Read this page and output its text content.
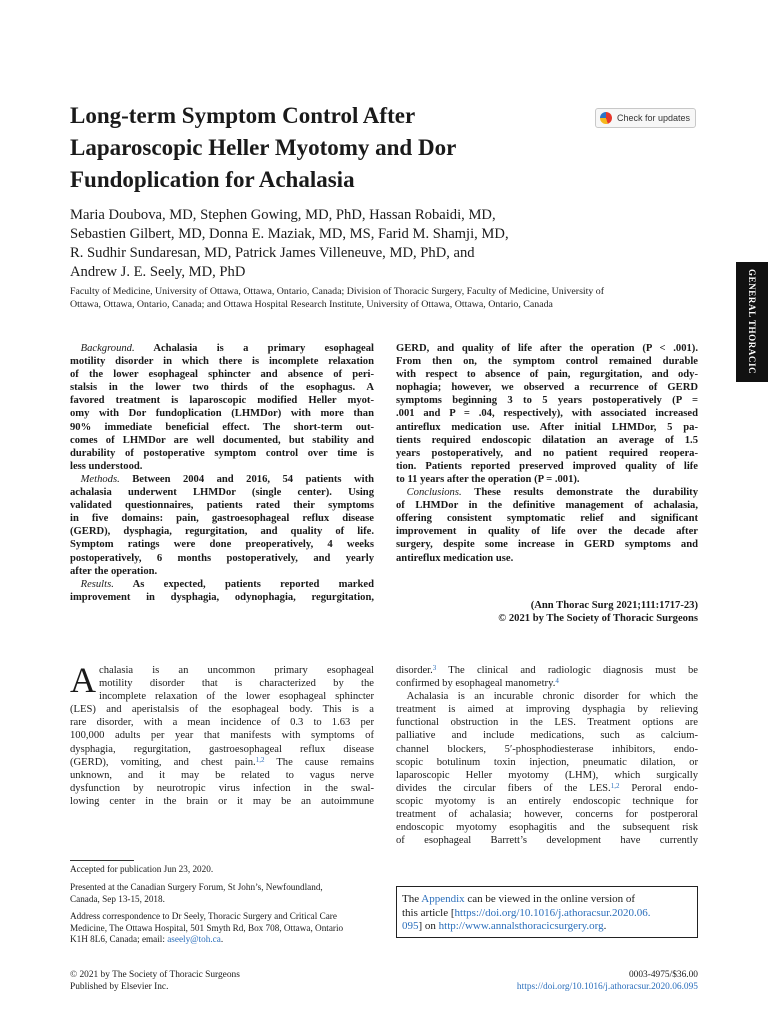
Long-term Symptom Control After
Laparoscopic Heller Myotomy and Dor
Fundoplication for Achalasia
Check for updates
Maria Doubova, MD, Stephen Gowing, MD, PhD, Hassan Robaidi, MD,
Sebastien Gilbert, MD, Donna E. Maziak, MD, MS, Farid M. Shamji, MD,
R. Sudhir Sundaresan, MD, Patrick James Villeneuve, MD, PhD, and
Andrew J. E. Seely, MD, PhD
Faculty of Medicine, University of Ottawa, Ottawa, Ontario, Canada; Division of Thoracic Surgery, Faculty of Medicine, University of
Ottawa, Ottawa, Ontario, Canada; and Ottawa Hospital Research Institute, University of Ottawa, Ottawa, Ontario, Canada	GENERAL THORACIC
 Background. Achalasia is a primary esophageal
motility disorder in which there is incomplete relaxation
of the lower esophageal sphincter and absence of peri-
stalsis in the lower two thirds of the esophagus. A
favored treatment is laparoscopic modified Heller myot-
omy with Dor fundoplication (LHMDor) with more than
90% immediate beneficial effect. The short-term out-
comes of LHMDor are well documented, but stability and
durability of postoperative symptom control over time is
less understood.
 Methods. Between 2004 and 2016, 54 patients with
achalasia underwent LHMDor (single center). Using
validated questionnaires, patients rated their symptoms
in five domains: pain, gastroesophageal reflux disease
(GERD), dysphagia, regurgitation, and quality of life.
Symptom ratings were done preoperatively, 4 weeks
postoperatively, 6 months postoperatively, and yearly
after the operation.
 Results. As expected, patients reported marked
improvement in dysphagia, odynophagia, regurgitation,
GERD, and quality of life after the operation (P < .001).
From then on, the symptom control remained durable
with respect to absence of pain, regurgitation, and ody-
nophagia; however, we observed a recurrence of GERD
symptoms beginning 3 to 5 years postoperatively (P =
.001 and P = .04, respectively), with associated increased
antireflux medication use. After initial LHMDor, 5 pa-
tients required endoscopic dilatation an average of 1.5
years postoperatively, and no patient required reopera-
tion. Patients reported preserved improved quality of life
to 11 years after the operation (P = .001).
 Conclusions. These results demonstrate the durability
of LHMDor in the definitive management of achalasia,
offering consistent symptomatic relief and significant
improvement in quality of life over the decade after
surgery, despite some increase in GERD symptoms and
antireflux medication use.
(Ann Thorac Surg 2021;111:1717-23)
© 2021 by The Society of Thoracic Surgeons
A chalasia is an uncommon primary esophageal
motility disorder that is characterized by the
incomplete relaxation of the lower esophageal sphincter
(LES) and aperistalsis of the esophageal body. This is a
rare disorder, with a mean incidence of 0.3 to 1.63 per
100,000 adults per year that manifests with symptoms of
dysphagia, regurgitation, gastroesophageal reflux disease
(GERD), vomiting, and chest pain.$^{1,2}$ The cause remains
unknown, and it may be related to vagus nerve
dysfunction by neurotropic virus infection in the swal-
lowing center in the brain or it may be an autoimmune
disorder.$^3$ The clinical and radiologic diagnosis must be
confirmed by esophageal manometry.$^4$
 Achalasia is an incurable chronic disorder for which the
treatment is aimed at improving dysphagia by relieving
functional obstruction in the LES. Treatment options are
palliative and include medications, such as calcium-
channel blockers, 5′-phosphodiesterase inhibitors, endo-
scopic botulinum toxin injection, pneumatic dilation, or
laparoscopic Heller myotomy (LHM), which surgically
divides the circular fibers of the LES.$^{1,2}$ Peroral endo-
scopic myotomy is an entirely endoscopic technique for
treatment of achalasia; however, concerns for postperoral
endoscopic myotomy esophagitis and the subsequent risk
of esophageal Barrett’s development have currently
Accepted for publication Jun 23, 2020.
Presented at the Canadian Surgery Forum, St John’s, Newfoundland,
Canada, Sep 13-15, 2018.
Address correspondence to Dr Seely, Thoracic Surgery and Critical Care
Medicine, The Ottawa Hospital, 501 Smyth Rd, Box 708, Ottawa, Ontario
K1H 8L6, Canada; email: aseely@toh.ca.
The Appendix can be viewed in the online version of
this article [https://doi.org/10.1016/j.athoracsur.2020.06.
095] on http://www.annalsthoracicsurgery.org.
© 2021 by The Society of Thoracic Surgeons
Published by Elsevier Inc.
0003-4975/$36.00
https://doi.org/10.1016/j.athoracsur.2020.06.095
